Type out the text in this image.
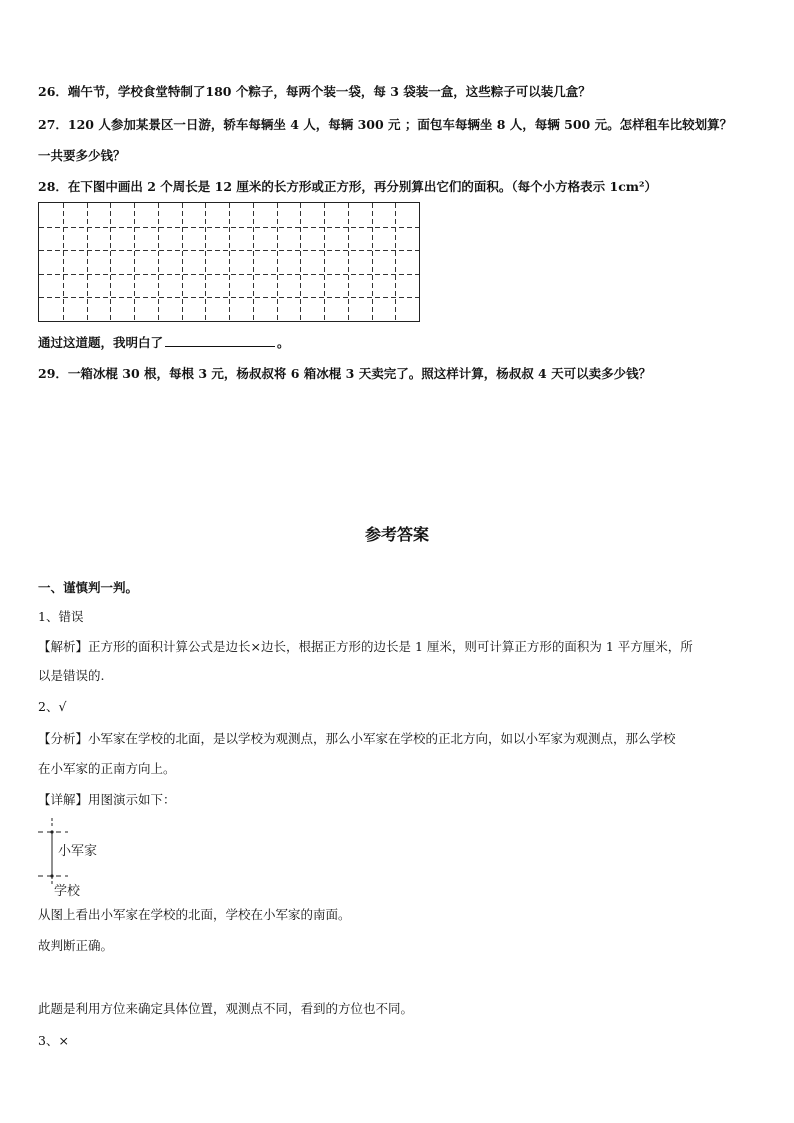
26．端午节，学校食堂特制了180 个粽子，每两个装一袋，每 3 袋装一盒，这些粽子可以装几盒？
27．120 人参加某景区一日游，轿车每辆坐 4 人，每辆 300 元 ；面包车每辆坐 8 人，每辆 500 元。怎样租车比较划算？
一共要多少钱？
28．在下图中画出 2 个周长是 12 厘米的长方形或正方形，再分别算出它们的面积。（每个小方格表示 1cm²）
通过这道题，我明白了	。
29．一箱冰棍 30 根，每根 3 元，杨叔叔将 6 箱冰棍 3 天卖完了。照这样计算，杨叔叔 4 天可以卖多少钱？
参考答案
一、谨慎判一判。
1、错误
【解析】正方形的面积计算公式是边长×边长，根据正方形的边长是 1 厘米，则可计算正方形的面积为 1 平方厘米，所
以是错误的.
2、√
【分析】小军家在学校的北面，是以学校为观测点，那么小军家在学校的正北方向，如以小军家为观测点，那么学校
在小军家的正南方向上。
【详解】用图演示如下：
小军家
学校
从图上看出小军家在学校的北面，学校在小军家的南面。
故判断正确。
此题是利用方位来确定具体位置，观测点不同，看到的方位也不同。
3、×
